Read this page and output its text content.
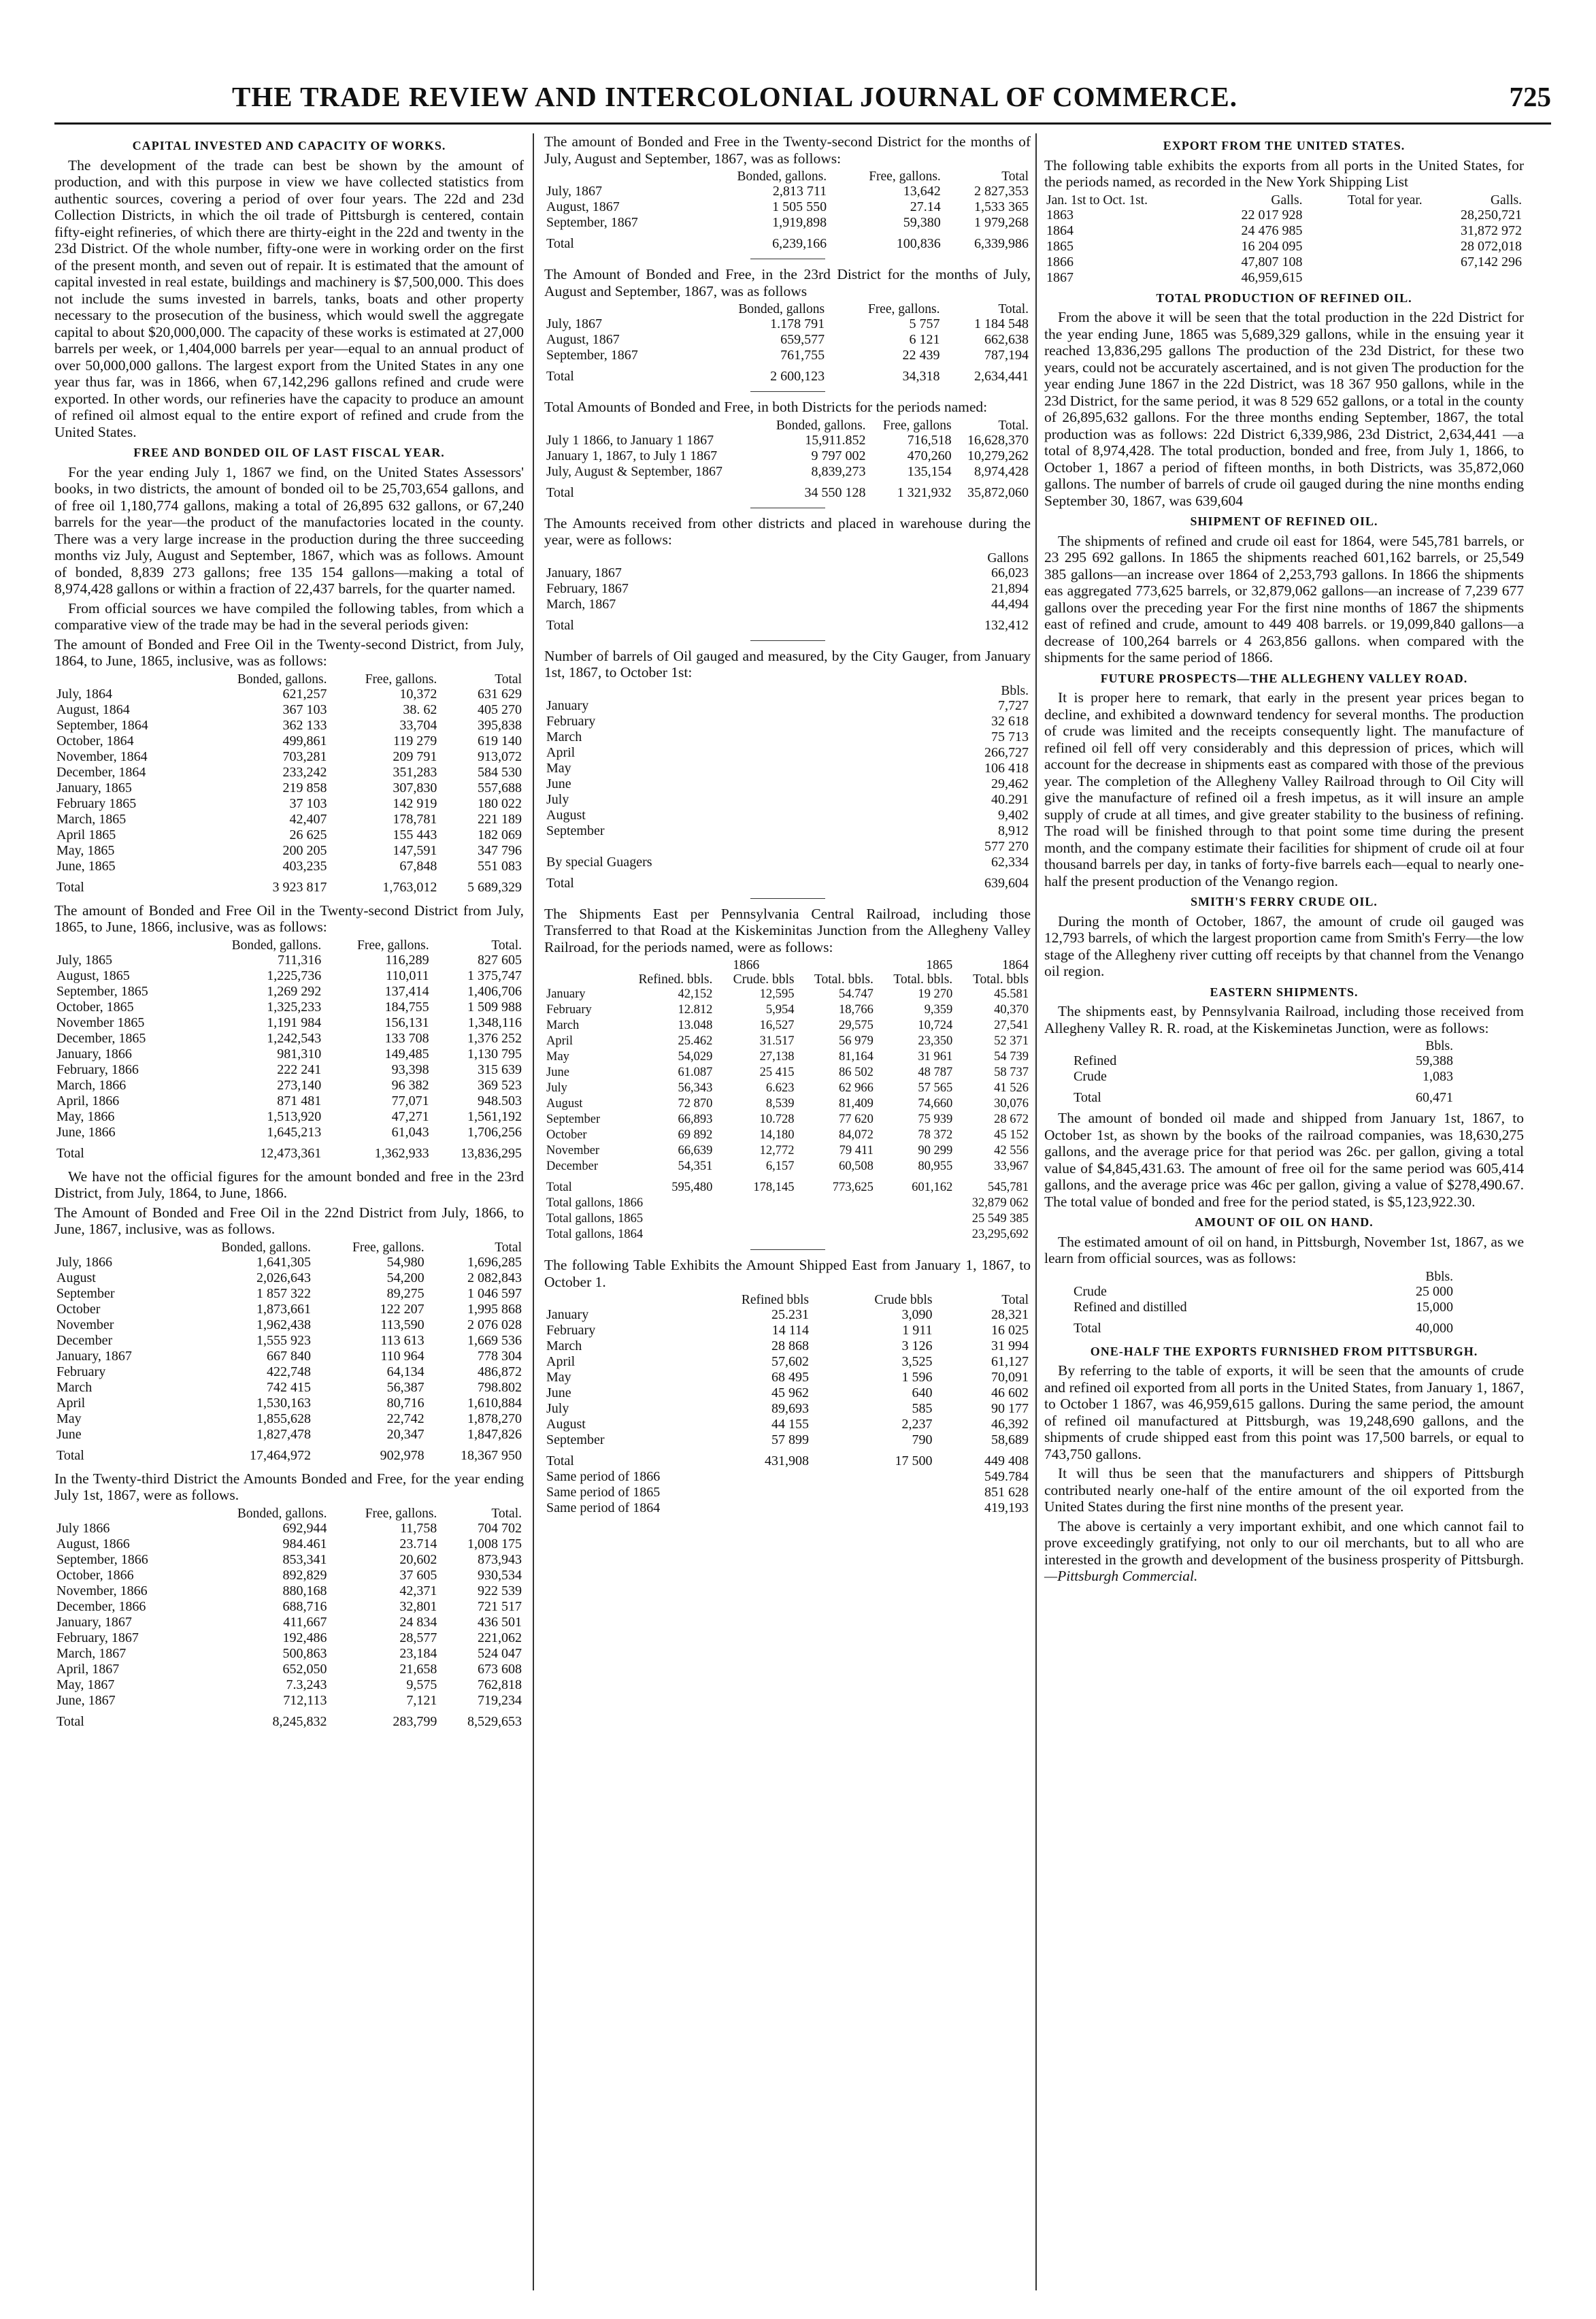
THE TRADE REVIEW AND INTERCOLONIAL JOURNAL OF COMMERCE.	725
CAPITAL INVESTED AND CAPACITY OF WORKS.

The development of the trade can best be shown by the amount of production, and with this purpose in view we have collected statistics from authentic sources, covering a period of over four years. The 22d and 23d Collection Districts, in which the oil trade of Pittsburgh is centered, contain fifty-eight refineries, of which there are thirty-eight in the 22d and twenty in the 23d District. Of the whole number, fifty-one were in working order on the first of the present month, and seven out of repair. It is estimated that the amount of capital invested in real estate, buildings and machinery is $7,500,000. This does not include the sums invested in barrels, tanks, boats and other property necessary to the prosecution of the business, which would swell the aggregate capital to about $20,000,000. The capacity of these works is estimated at 27,000 barrels per week, or 1,404,000 barrels per year—equal to an annual product of over 50,000,000 gallons. The largest export from the United States in any one year thus far, was in 1866, when 67,142,296 gallons refined and crude were exported. In other words, our refineries have the capacity to produce an amount of refined oil almost equal to the entire export of refined and crude from the United States.

FREE AND BONDED OIL OF LAST FISCAL YEAR.

For the year ending July 1, 1867 we find, on the United States Assessors' books, in two districts, the amount of bonded oil to be 25,703,654 gallons, and of free oil 1,180,774 gallons, making a total of 26,895 632 gallons, or 67,240 barrels for the year—the product of the manufactories located in the county. There was a very large increase in the production during the three succeeding months viz July, August and September, 1867, which was as follows. Amount of bonded, 8,839 273 gallons; free 135 154 gallons—making a total of 8,974,428 gallons or within a fraction of 22,437 barrels, for the quarter named.

From official sources we have compiled the following tables, from which a comparative view of the trade may be had in the several periods given:

The amount of Bonded and Free Oil in the Twenty-second District, from July, 1864, to June, 1865, inclusive, was as follows:

	Bonded, gallons.	Free, gallons.	Total
July, 1864	621,257	10,372	631 629
August, 1864	367 103	38. 62	405 270
September, 1864	362 133	33,704	395,838
October, 1864	499,861	119 279	619 140
November, 1864	703,281	209 791	913,072
December, 1864	233,242	351,283	584 530
January, 1865	219 858	307,830	557,688
February 1865	37 103	142 919	180 022
March, 1865	42,407	178,781	221 189
April 1865	26 625	155 443	182 069
May, 1865	200 205	147,591	347 796
June, 1865	403,235	67,848	551 083
Total	3 923 817	1,763,012	5 689,329

The amount of Bonded and Free Oil in the Twenty-second District from July, 1865, to June, 1866, inclusive, was as follows:

	Bonded, gallons.	Free, gallons.	Total.
July, 1865	711,316	116,289	827 605
August, 1865	1,225,736	110,011	1 375,747
September, 1865	1,269 292	137,414	1,406,706
October, 1865	1,325,233	184,755	1 509 988
November 1865	1,191 984	156,131	1,348,116
December, 1865	1,242,543	133 708	1,376 252
January, 1866	981,310	149,485	1,130 795
February, 1866	222 241	93,398	315 639
March, 1866	273,140	96 382	369 523
April, 1866	871 481	77,071	948.503
May, 1866	1,513,920	47,271	1,561,192
June, 1866	1,645,213	61,043	1,706,256
Total	12,473,361	1,362,933	13,836,295

We have not the official figures for the amount bonded and free in the 23rd District, from July, 1864, to June, 1866.

The Amount of Bonded and Free Oil in the 22nd District from July, 1866, to June, 1867, inclusive, was as follows.

	Bonded, gallons.	Free, gallons.	Total
July, 1866	1,641,305	54,980	1,696,285
August	2,026,643	54,200	2 082,843
September	1 857 322	89,275	1 046 597
October	1,873,661	122 207	1,995 868
November	1,962,438	113,590	2 076 028
December	1,555 923	113 613	1,669 536
January, 1867	667 840	110 964	778 304
February	422,748	64,134	486,872
March	742 415	56,387	798.802
April	1,530,163	80,716	1,610,884
May	1,855,628	22,742	1,878,270
June	1,827,478	20,347	1,847,826
Total	17,464,972	902,978	18,367 950

In the Twenty-third District the Amounts Bonded and Free, for the year ending July 1st, 1867, were as follows.

	Bonded, gallons.	Free, gallons.	Total.
July 1866	692,944	11,758	704 702
August, 1866	984.461	23.714	1,008 175
September, 1866	853,341	20,602	873,943
October, 1866	892,829	37 605	930,534
November, 1866	880,168	42,371	922 539
December, 1866	688,716	32,801	721 517
January, 1867	411,667	24 834	436 501
February, 1867	192,486	28,577	221,062
March, 1867	500,863	23,184	524 047
April, 1867	652,050	21,658	673 608
May, 1867	7.3,243	9,575	762,818
June, 1867	712,113	7,121	719,234
Total	8,245,832	283,799	8,529,653

The amount of Bonded and Free in the Twenty-second District for the months of July, August and September, 1867, was as follows:

	Bonded, gallons.	Free, gallons.	Total
July, 1867	2,813 711	13,642	2 827,353
August, 1867	1 505 550	27.14	1,533 365
September, 1867	1,919,898	59,380	1 979,268
Total	6,239,166	100,836	6,339,986

The Amount of Bonded and Free, in the 23rd District for the months of July, August and September, 1867, was as follows

	Bonded, gallons	Free, gallons.	Total.
July, 1867	1.178 791	5 757	1 184 548
August, 1867	659,577	6 121	662,638
September, 1867	761,755	22 439	787,194
Total	2 600,123	34,318	2,634,441

Total Amounts of Bonded and Free, in both Districts for the periods named:

	Bonded, gallons.	Free, gallons	Total.
July 1 1866, to January 1 1867	15,911.852	716,518	16,628,370
January 1, 1867, to July 1 1867	9 797 002	470,260	10,279,262
July, August & September, 1867	8,839,273	135,154	8,974,428
Total	34 550 128	1 321,932	35,872,060

The Amounts received from other districts and placed in warehouse during the year, were as follows:

	Gallons
January, 1867	66,023
February, 1867	21,894
March, 1867	44,494
Total	132,412

Number of barrels of Oil gauged and measured, by the City Gauger, from January 1st, 1867, to October 1st:

	Bbls.
January	7,727
February	32 618
March	75 713
April	266,727
May	106 418
June	29,462
July	40.291
August	9,402
September	8,912
	577 270
By special Guagers	62,334
Total	639,604

The Shipments East per Pennsylvania Central Railroad, including those Transferred to that Road at the Kiskeminitas Junction from the Allegheny Valley Railroad, for the periods named, were as follows:

	1866			1865	1864
	Refined. bbls.	Crude. bbls	Total. bbls.	Total. bbls.	Total. bbls
January	42,152	12,595	54.747	19 270	45.581
February	12.812	5,954	18,766	9,359	40,370
March	13.048	16,527	29,575	10,724	27,541
April	25.462	31.517	56 979	23,350	52 371
May	54,029	27,138	81,164	31 961	54 739
June	61.087	25 415	86 502	48 787	58 737
July	56,343	6.623	62 966	57 565	41 526
August	72 870	8,539	81,409	74,660	30,076
September	66,893	10.728	77 620	75 939	28 672
October	69 892	14,180	84,072	78 372	45 152
November	66,639	12,772	79 411	90 299	42 556
December	54,351	6,157	60,508	80,955	33,967
Total	595,480	178,145	773,625	601,162	545,781
Total gallons, 1866					32,879 062
Total gallons, 1865					25 549 385
Total gallons, 1864					23,295,692

The following Table Exhibits the Amount Shipped East from January 1, 1867, to October 1.

	Refined bbls	Crude bbls	Total
January	25.231	3,090	28,321
February	14 114	1 911	16 025
March	28 868	3 126	31 994
April	57,602	3,525	61,127
May	68 495	1 596	70,091
June	45 962	640	46 602
July	89,693	585	90 177
August	44 155	2,237	46,392
September	57 899	790	58,689
Total	431,908	17 500	449 408
Same period of 1866			549.784
Same period of 1865			851 628
Same period of 1864			419,193
EXPORT FROM THE UNITED STATES.

The following table exhibits the exports from all ports in the United States, for the periods named, as recorded in the New York Shipping List

Jan. 1st to Oct. 1st.	Galls.	Total for year.	Galls.
1863	22 017 928		28,250,721
1864	24 476 985		31,872 972
1865	16 204 095		28 072,018
1866	47,807 108		67,142 296
1867	46,959,615		
TOTAL PRODUCTION OF REFINED OIL.

From the above it will be seen that the total production in the 22d District for the year ending June, 1865 was 5,689,329 gallons, while in the ensuing year it reached 13,836,295 gallons The production of the 23d District, for these two years, could not be accurately ascertained, and is not given The production for the year ending June 1867 in the 22d District, was 18 367 950 gallons, while in the 23d District, for the same period, it was 8 529 652 gallons, or a total in the county of 26,895,632 gallons. For the three months ending September, 1867, the total production was as follows: 22d District 6,339,986, 23d District, 2,634,441 —a total of 8,974,428. The total production, bonded and free, from July 1, 1866, to October 1, 1867 a period of fifteen months, in both Districts, was 35,872,060 gallons. The number of barrels of crude oil gauged during the nine months ending September 30, 1867, was 639,604

SHIPMENT OF REFINED OIL.

The shipments of refined and crude oil east for 1864, were 545,781 barrels, or 23 295 692 gallons. In 1865 the shipments reached 601,162 barrels, or 25,549 385 gallons—an increase over 1864 of 2,253,793 gallons. In 1866 the shipments eas aggregated 773,625 barrels, or 32,879,062 gallons—an increase of 7,239 677 gallons over the preceding year For the first nine months of 1867 the shipments east of refined and crude, amount to 449 408 barrels. or 19,099,840 gallons—a decrease of 100,264 barrels or 4 263,856 gallons. when compared with the shipments for the same period of 1866.

FUTURE PROSPECTS—THE ALLEGHENY VALLEY ROAD.

It is proper here to remark, that early in the present year prices began to decline, and exhibited a downward tendency for several months. The production of crude was limited and the receipts consequently light. The manufacture of refined oil fell off very considerably and this depression of prices, which will account for the decrease in shipments east as compared with those of the previous year. The completion of the Allegheny Valley Railroad through to Oil City will give the manufacture of refined oil a fresh impetus, as it will insure an ample supply of crude at all times, and give greater stability to the business of refining. The road will be finished through to that point some time during the present month, and the company estimate their facilities for shipment of crude oil at four thousand barrels per day, in tanks of forty-five barrels each—equal to nearly one-half the present production of the Venango region.

SMITH'S FERRY CRUDE OIL.

During the month of October, 1867, the amount of crude oil gauged was 12,793 barrels, of which the largest proportion came from Smith's Ferry—the low stage of the Allegheny river cutting off receipts by that channel from the Venango oil region.

EASTERN SHIPMENTS.

The shipments east, by Pennsylvania Railroad, including those received from Allegheny Valley R. R. road, at the Kiskeminetas Junction, were as follows:

	Bbls.
Refined	59,388
Crude	1,083
Total	60,471

The amount of bonded oil made and shipped from January 1st, 1867, to October 1st, as shown by the books of the railroad companies, was 18,630,275 gallons, and the average price for that period was 26c. per gallon, giving a total value of $4,845,431.63. The amount of free oil for the same period was 605,414 gallons, and the average price was 46c per gallon, giving a value of $278,490.67. The total value of bonded and free for the period stated, is $5,123,922.30.

AMOUNT OF OIL ON HAND.

The estimated amount of oil on hand, in Pittsburgh, November 1st, 1867, as we learn from official sources, was as follows:

	Bbls.
Crude	25 000
Refined and distilled	15,000
Total	40,000
ONE-HALF THE EXPORTS FURNISHED FROM PITTSBURGH.

By referring to the table of exports, it will be seen that the amounts of crude and refined oil exported from all ports in the United States, from January 1, 1867, to October 1 1867, was 46,959,615 gallons. During the same period, the amount of refined oil manufactured at Pittsburgh, was 19,248,690 gallons, and the shipments of crude shipped east from this point was 17,500 barrels, or equal to 743,750 gallons.

It will thus be seen that the manufacturers and shippers of Pittsburgh contributed nearly one-half of the entire amount of the oil exported from the United States during the first nine months of the present year.

The above is certainly a very important exhibit, and one which cannot fail to prove exceedingly gratifying, not only to our oil merchants, but to all who are interested in the growth and development of the business prosperity of Pittsburgh.—Pittsburgh Commercial.
